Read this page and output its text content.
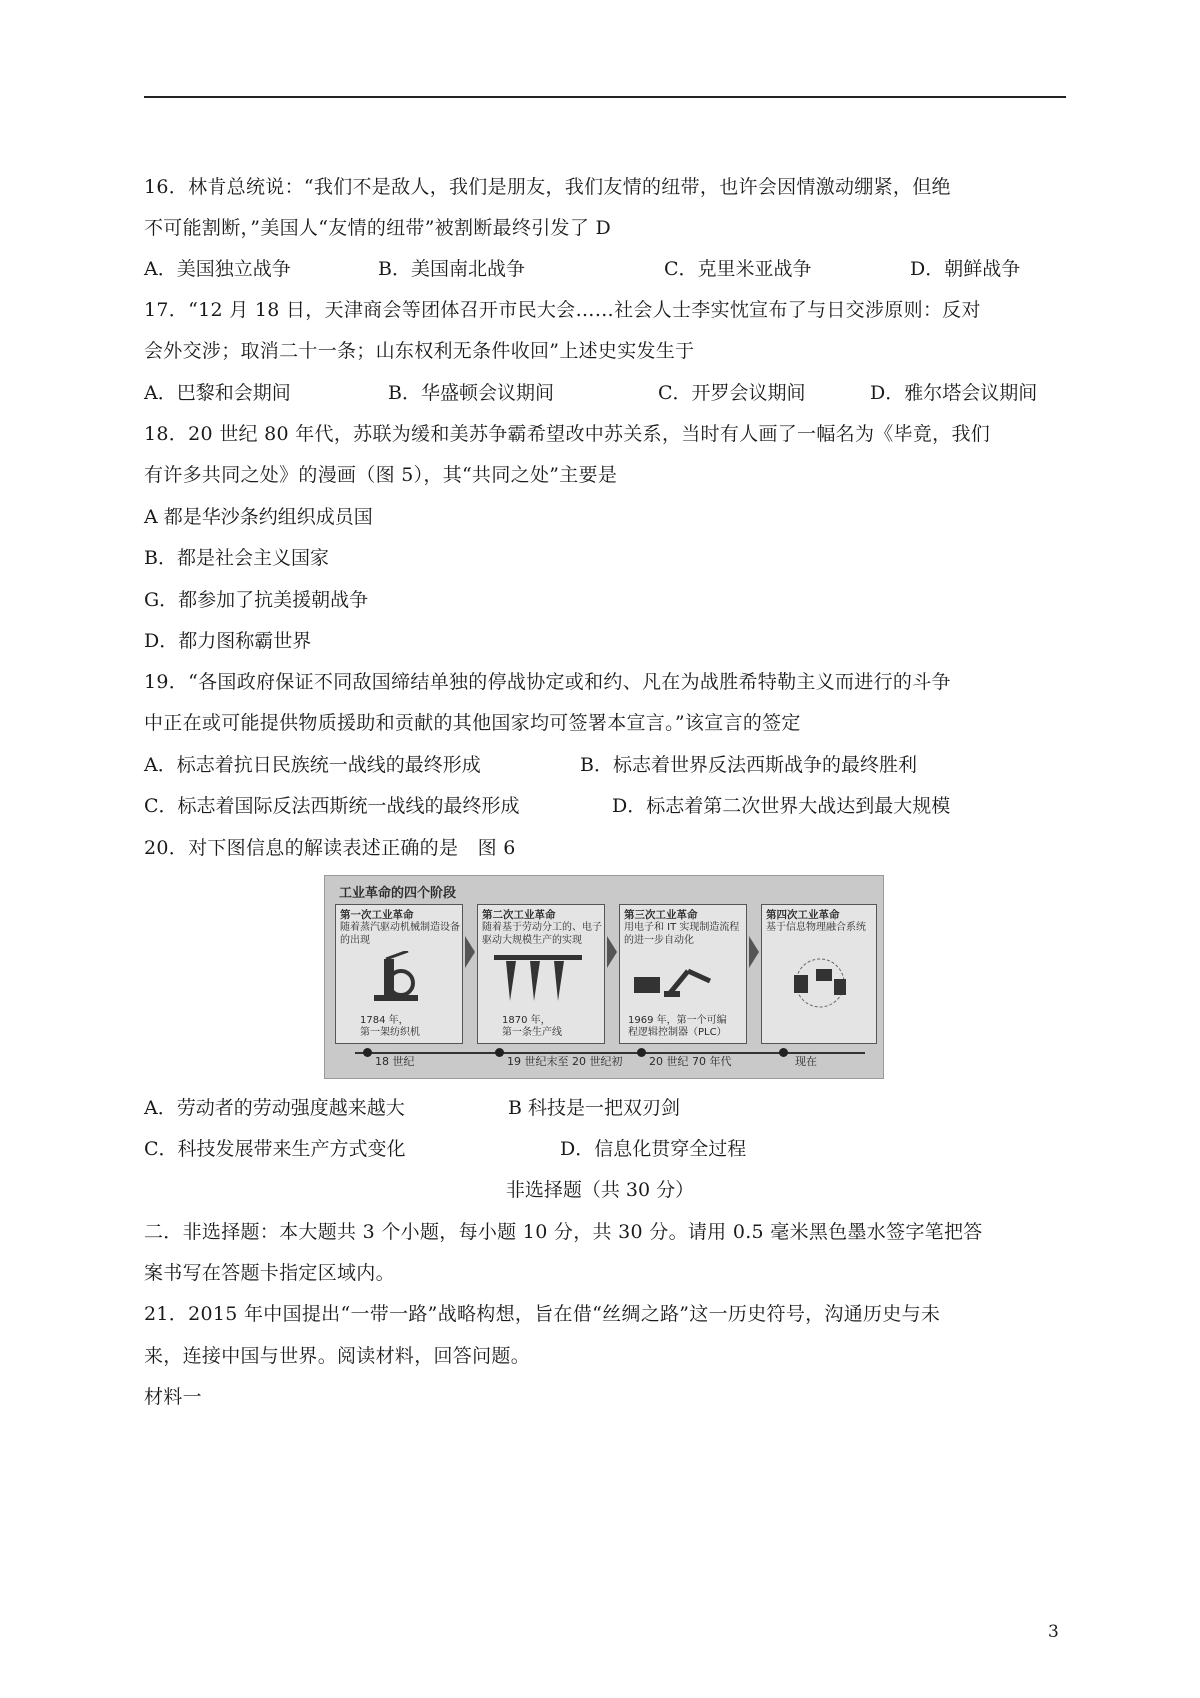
16．林肯总统说：“我们不是敌人，我们是朋友，我们友情的纽带，也许会因情激动绷紧，但绝
不可能割断，”美国人“友情的纽带”被割断最终引发了 D
A．美国独立战争	B．美国南北战争	C．克里米亚战争	D．朝鲜战争
17．“12 月 18 日，天津商会等团体召开市民大会……社会人士李实忱宣布了与日交涉原则：反对
会外交涉；取消二十一条；山东权利无条件收回”上述史实发生于
A．巴黎和会期间	B．华盛顿会议期间	C．开罗会议期间	D．雅尔塔会议期间
18．20 世纪 80 年代，苏联为缓和美苏争霸希望改中苏关系，当时有人画了一幅名为《毕竟，我们
有许多共同之处》的漫画（图 5），其“共同之处”主要是
A 都是华沙条约组织成员国
B．都是社会主义国家
G．都参加了抗美援朝战争
D．都力图称霸世界
19．“各国政府保证不同敌国缔结单独的停战协定或和约、凡在为战胜希特勒主义而进行的斗争
中正在或可能提供物质援助和贡献的其他国家均可签署本宣言。”该宣言的签定
A．标志着抗日民族统一战线的最终形成	B．标志着世界反法西斯战争的最终胜利
C．标志着国际反法西斯统一战线的最终形成	D．标志着第二次世界大战达到最大规模
20．对下图信息的解读表述正确的是　图 6
工业革命的四个阶段
第一次工业革命
随着蒸汽驱动机械制造设备的出现
1784 年，
第一架纺织机
第二次工业革命
随着基于劳动分工的、电子驱动大规模生产的实现
1870 年，
第一条生产线
第三次工业革命
用电子和 IT 实现制造流程的进一步自动化
1969 年，第一个可编
程逻辑控制器（PLC）
第四次工业革命
基于信息物理融合系统
18 世纪	19 世纪末至 20 世纪初 20 世纪 70 年代	现在
A．劳动者的劳动强度越来越大	B 科技是一把双刃剑
C．科技发展带来生产方式变化	D．信息化贯穿全过程
非选择题（共 30 分）
二．非选择题：本大题共 3 个小题，每小题 10 分，共 30 分。请用 0.5 毫米黑色墨水签字笔把答
案书写在答题卡指定区域内。
21．2015 年中国提出“一带一路”战略构想，旨在借“丝绸之路”这一历史符号，沟通历史与未
来，连接中国与世界。阅读材料，回答问题。
材料一
3
